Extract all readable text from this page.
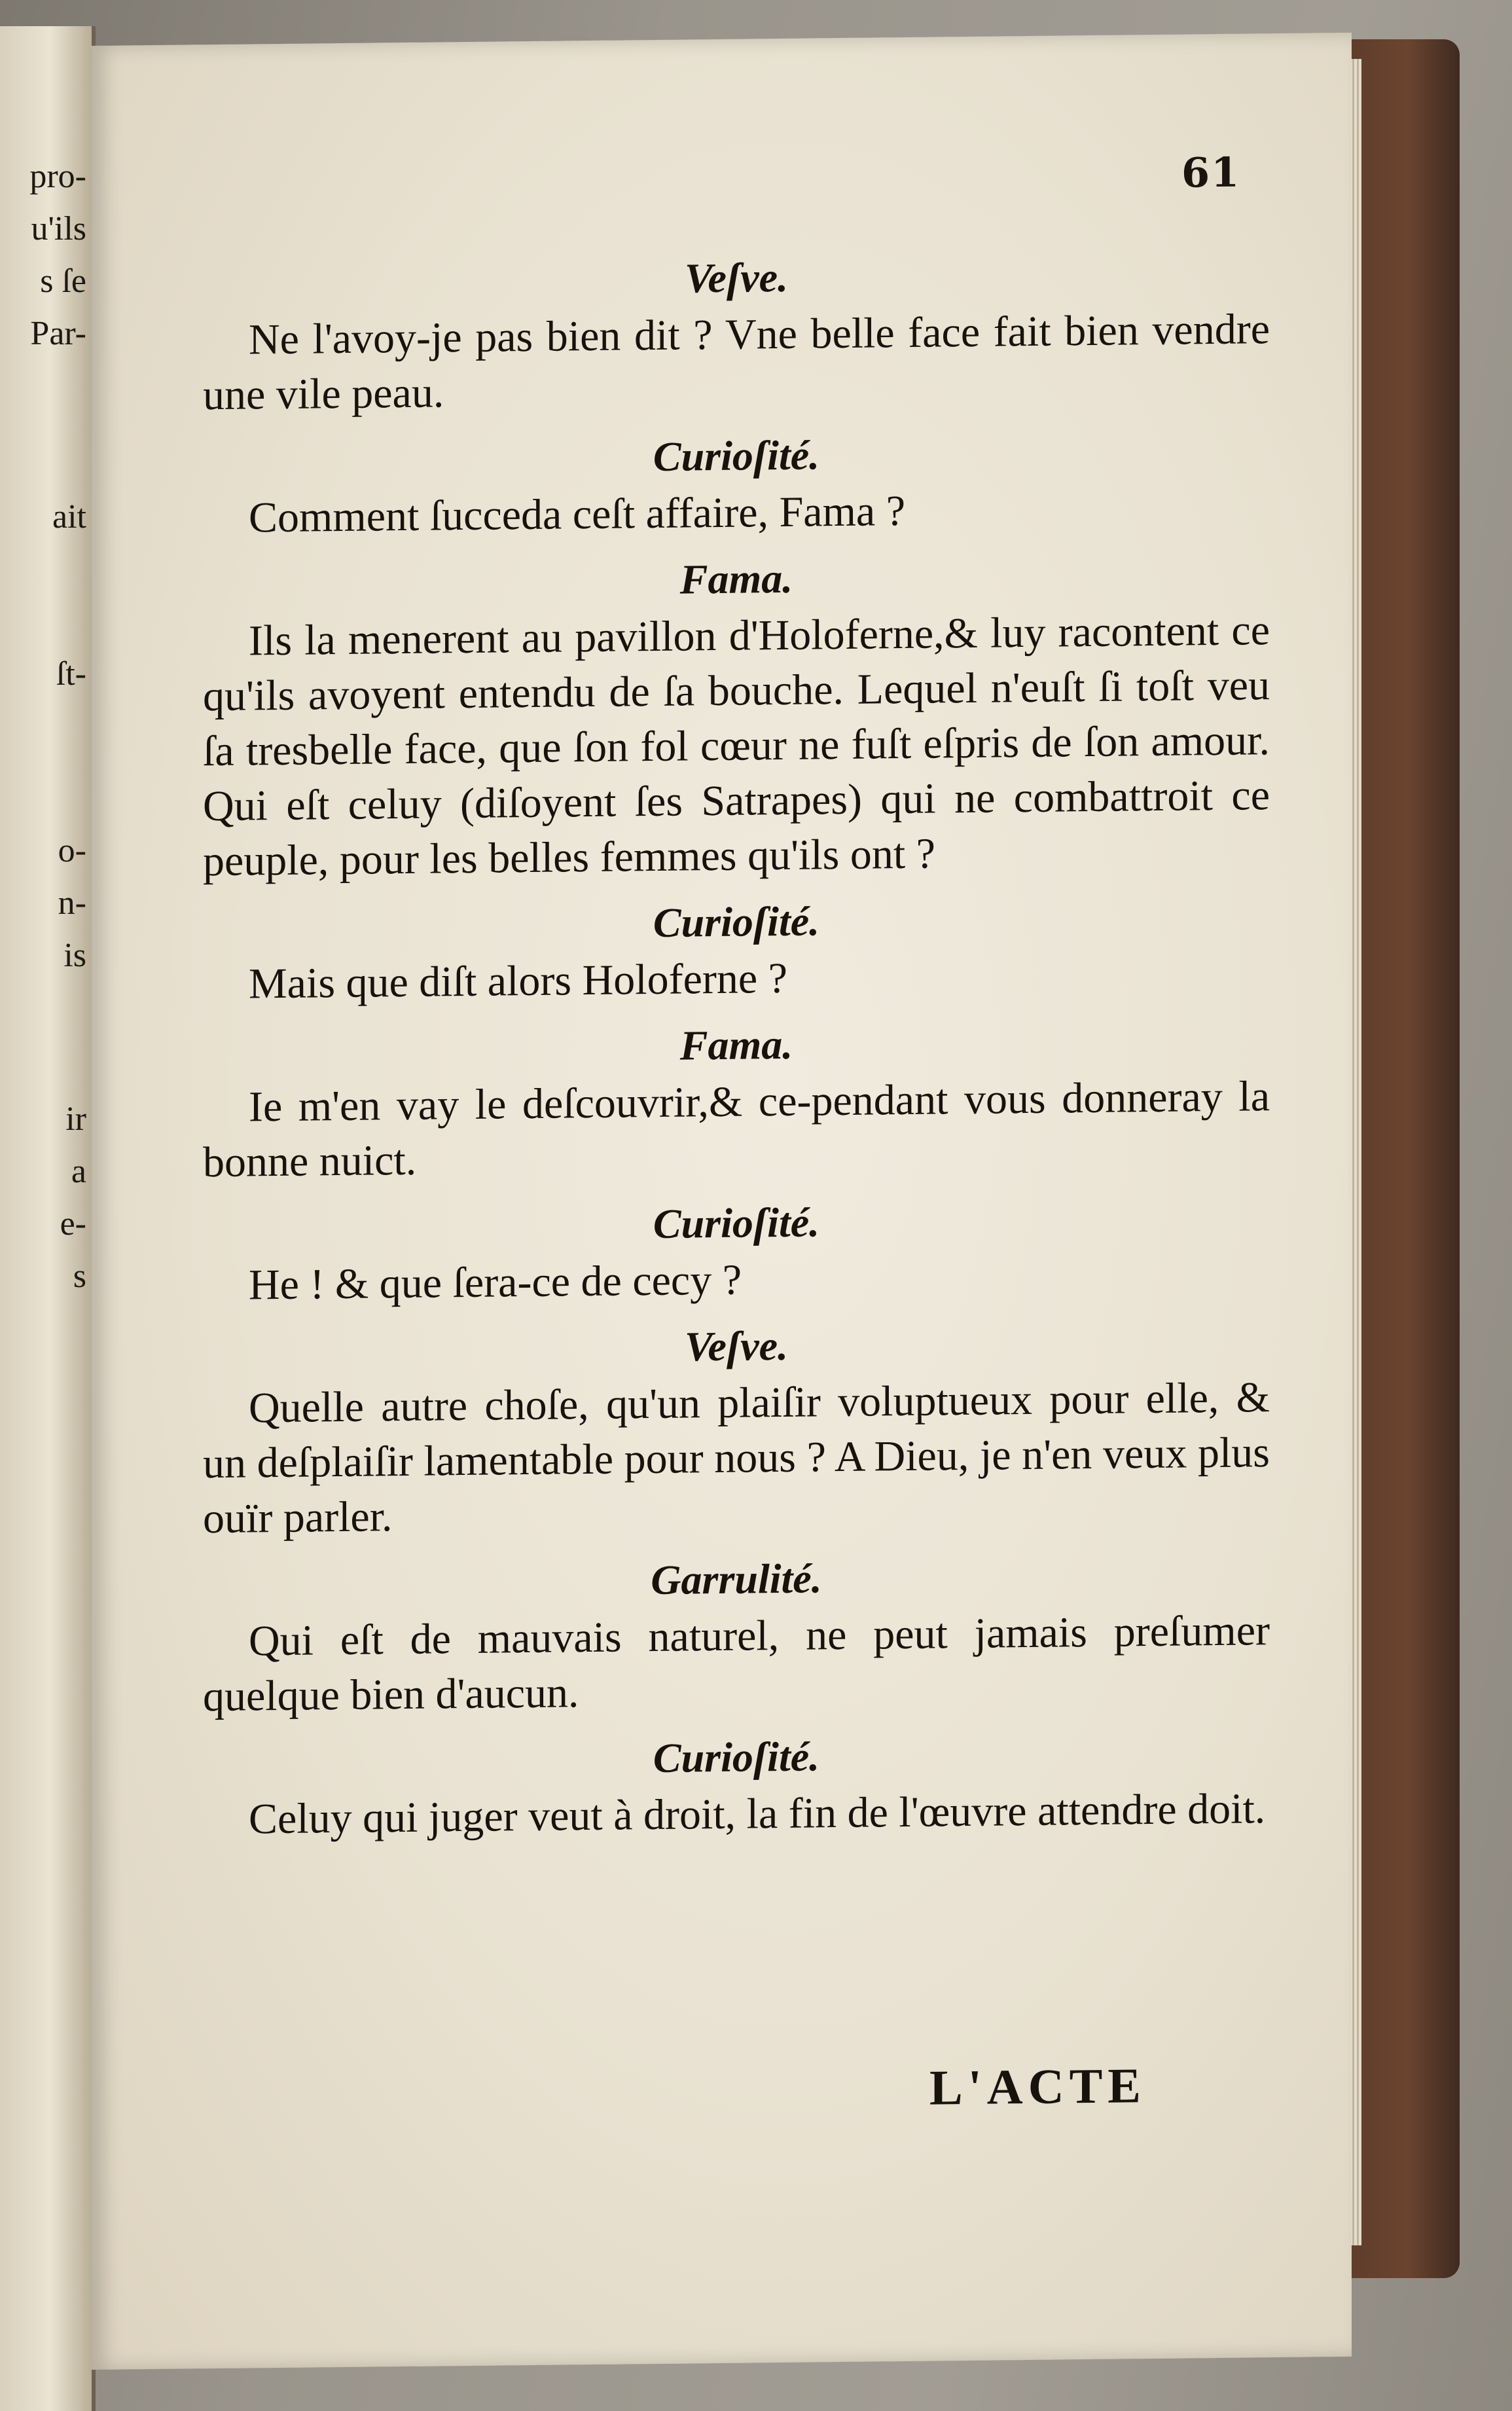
pro-
u'ils
s ſe
Par-
ait
ſt-
o-
n-
is
ir
a
e-
s
61

Veſve.

Ne l'avoy-je pas bien dit ? Vne belle face fait bien vendre une vile peau.

Curioſité.

Comment ſucceda ceſt affaire, Fama ?

Fama.

Ils la menerent au pavillon d'Holoferne,& luy racontent ce qu'ils avoyent entendu de ſa bouche. Lequel n'euſt ſi toſt veu ſa tresbelle face, que ſon fol cœur ne fuſt eſpris de ſon amour. Qui eſt celuy (diſoyent ſes Satrapes) qui ne combattroit ce peuple, pour les belles femmes qu'ils ont ?

Curioſité.

Mais que diſt alors Holoferne ?

Fama.

Ie m'en vay le deſcouvrir,& ce-pendant vous donneray la bonne nuict.

Curioſité.

He ! & que ſera-ce de cecy ?

Veſve.

Quelle autre choſe, qu'un plaiſir voluptueux pour elle, & un deſplaiſir lamentable pour nous ? A Dieu, je n'en veux plus ouïr parler.

Garrulité.

Qui eſt de mauvais naturel, ne peut jamais preſumer quelque bien d'aucun.

Curioſité.

Celuy qui juger veut à droit, la fin de l'œuvre attendre doit.

L'ACTE
